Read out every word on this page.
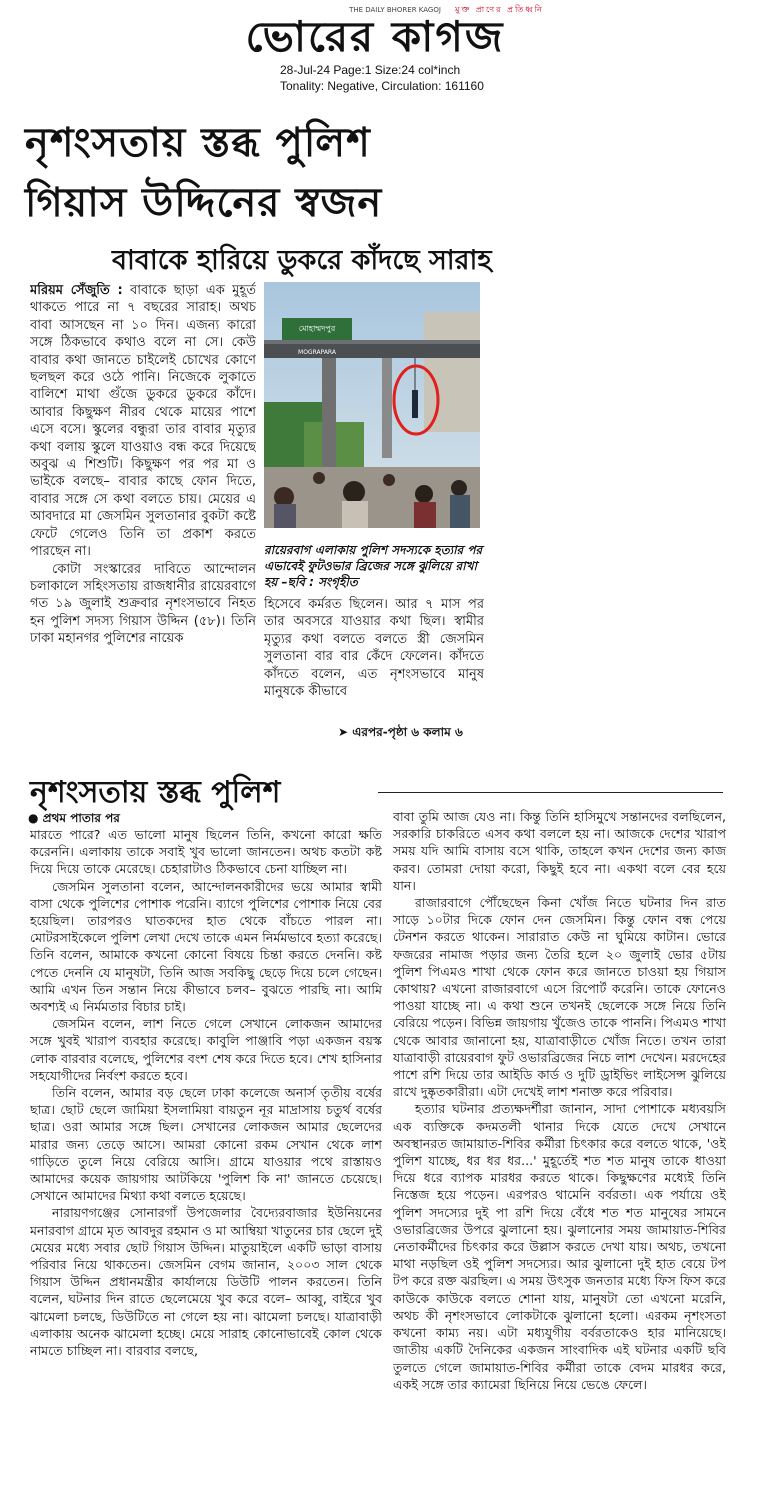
THE DAILY BHORER KAGOJ	মুক্ত প্রাণের প্রতিধ্বনি
ভোরের কাগজ
28-Jul-24 Page:1 Size:24 col*inch
Tonality: Negative, Circulation: 161160
নৃশংসতায় স্তব্ধ পুলিশ
গিয়াস উদ্দিনের স্বজন
বাবাকে হারিয়ে ডুকরে কাঁদছে সারাহ

মরিয়ম সেঁজুতি : বাবাকে ছাড়া এক মুহূর্ত থাকতে পারে না ৭ বছরের সারাহ। অথচ বাবা আসছেন না ১০ দিন। এজন্য কারো সঙ্গে ঠিকভাবে কথাও বলে না সে। কেউ বাবার কথা জানতে চাইলেই চোখের কোণে ছলছল করে ওঠে পানি। নিজেকে লুকাতে বালিশে মাথা গুঁজে ডুকরে ডুকরে কাঁদে। আবার কিছুক্ষণ নীরব থেকে মায়ের পাশে এসে বসে। স্কুলের বন্ধুরা তার বাবার মৃত্যুর কথা বলায় স্কুলে যাওয়াও বন্ধ করে দিয়েছে অবুঝ এ শিশুটি। কিছুক্ষণ পর পর মা ও ভাইকে বলছে– বাবার কাছে ফোন দিতে, বাবার সঙ্গে সে কথা বলতে চায়। মেয়ের এ আবদারে মা জেসমিন সুলতানার বুকটা কষ্টে ফেটে গেলেও তিনি তা প্রকাশ করতে পারছেন না।

কোটা সংস্কারের দাবিতে আন্দোলন চলাকালে সহিংসতায় রাজধানীর রায়েরবাগে গত ১৯ জুলাই শুক্রবার নৃশংসভাবে নিহত হন পুলিশ সদস্য গিয়াস উদ্দিন (৫৮)। তিনি ঢাকা মহানগর পুলিশের নায়েক

মোহাম্মদপুর
MOGRAPARA
রায়েরবাগ এলাকায় পুলিশ সদস্যকে হত্যার পর এভাবেই ফুটওভার ব্রিজের সঙ্গে ঝুলিয়ে রাখা হয় –ছবি : সংগৃহীত

হিসেবে কর্মরত ছিলেন। আর ৭ মাস পর তার অবসরে যাওয়ার কথা ছিল। স্বামীর মৃত্যুর কথা বলতে বলতে স্ত্রী জেসমিন সুলতানা বার বার কেঁদে ফেলেন। কাঁদতে কাঁদতে বলেন, এত নৃশংসভাবে মানুষ মানুষকে কীভাবে

➤ এরপর-পৃষ্ঠা ৬ কলাম ৬
নৃশংসতায় স্তব্ধ পুলিশ
● প্রথম পাতার পর

মারতে পারে? এত ভালো মানুষ ছিলেন তিনি, কখনো কারো ক্ষতি করেননি। এলাকায় তাকে সবাই খুব ভালো জানতেন। অথচ কতটা কষ্ট দিয়ে দিয়ে তাকে মেরেছে। চেহারাটাও ঠিকভাবে চেনা যাচ্ছিল না।

জেসমিন সুলতানা বলেন, আন্দোলনকারীদের ভয়ে আমার স্বামী বাসা থেকে পুলিশের পোশাক পরেনি। ব্যাগে পুলিশের পোশাক নিয়ে বের হয়েছিল। তারপরও ঘাতকদের হাত থেকে বাঁচতে পারল না। মোটরসাইকেলে পুলিশ লেখা দেখে তাকে এমন নির্মমভাবে হত্যা করেছে। তিনি বলেন, আমাকে কখনো কোনো বিষয়ে চিন্তা করতে দেননি। কষ্ট পেতে দেননি যে মানুষটা, তিনি আজ সবকিছু ছেড়ে দিয়ে চলে গেছেন। আমি এখন তিন সন্তান নিয়ে কীভাবে চলব– বুঝতে পারছি না। আমি অবশ্যই এ নির্মমতার বিচার চাই।

জেসমিন বলেন, লাশ নিতে গেলে সেখানে লোকজন আমাদের সঙ্গে খুবই খারাপ ব্যবহার করেছে। কাবুলি পাঞ্জাবি পড়া একজন বয়স্ক লোক বারবার বলেছে, পুলিশের বংশ শেষ করে দিতে হবে। শেখ হাসিনার সহযোগীদের নির্বংশ করতে হবে।

তিনি বলেন, আমার বড় ছেলে ঢাকা কলেজে অনার্স তৃতীয় বর্ষের ছাত্র। ছোট ছেলে জামিয়া ইসলামিয়া বায়তুন নূর মাদ্রাসায় চতুর্থ বর্ষের ছাত্র। ওরা আমার সঙ্গে ছিল। সেখানের লোকজন আমার ছেলেদের মারার জন্য তেড়ে আসে। আমরা কোনো রকম সেখান থেকে লাশ গাড়িতে তুলে নিয়ে বেরিয়ে আসি। গ্রামে যাওয়ার পথে রাস্তায়ও আমাদের কয়েক জায়গায় আটকিয়ে 'পুলিশ কি না' জানতে চেয়েছে। সেখানে আমাদের মিথ্যা কথা বলতে হয়েছে।

নারায়ণগঞ্জের সোনারগাঁ উপজেলার বৈদ্যেরবাজার ইউনিয়নের মনারবাগ গ্রামে মৃত আবদুর রহমান ও মা আম্বিয়া খাতুনের চার ছেলে দুই মেয়ের মধ্যে সবার ছোট গিয়াস উদ্দিন। মাতুয়াইলে একটি ভাড়া বাসায় পরিবার নিয়ে থাকতেন। জেসমিন বেগম জানান, ২০০৩ সাল থেকে গিয়াস উদ্দিন প্রধানমন্ত্রীর কার্যালয়ে ডিউটি পালন করতেন। তিনি বলেন, ঘটনার দিন রাতে ছেলেমেয়ে খুব করে বলে– আব্বু, বাইরে খুব ঝামেলা চলছে, ডিউটিতে না গেলে হয় না। ঝামেলা চলছে। যাত্রাবাড়ী এলাকায় অনেক ঝামেলা হচ্ছে। মেয়ে সারাহ কোনোভাবেই কোল থেকে নামতে চাচ্ছিল না। বারবার বলছে,

বাবা তুমি আজ যেও না। কিন্তু তিনি হাসিমুখে সন্তানদের বলছিলেন, সরকারি চাকরিতে এসব কথা বললে হয় না। আজকে দেশের খারাপ সময় যদি আমি বাসায় বসে থাকি, তাহলে কখন দেশের জন্য কাজ করব। তোমরা দোয়া করো, কিছুই হবে না। একথা বলে বের হয়ে যান।

রাজারবাগে পৌঁছেছেন কিনা খোঁজ নিতে ঘটনার দিন রাত সাড়ে ১০টার দিকে ফোন দেন জেসমিন। কিন্তু ফোন বন্ধ পেয়ে টেনশন করতে থাকেন। সারারাত কেউ না ঘুমিয়ে কাটান। ভোরে ফজরের নামাজ পড়ার জন্য তৈরি হলে ২০ জুলাই ভোর ৫টায় পুলিশ পিএমও শাখা থেকে ফোন করে জানতে চাওয়া হয় গিয়াস কোথায়? এখনো রাজারবাগে এসে রিপোর্ট করেনি। তাকে ফোনেও পাওয়া যাচ্ছে না। এ কথা শুনে তখনই ছেলেকে সঙ্গে নিয়ে তিনি বেরিয়ে পড়েন। বিভিন্ন জায়গায় খুঁজেও তাকে পাননি। পিএমও শাখা থেকে আবার জানানো হয়, যাত্রাবাড়ীতে খোঁজ নিতে। তখন তারা যাত্রাবাড়ী রায়েরবাগ ফুট ওভারব্রিজের নিচে লাশ দেখেন। মরদেহের পাশে রশি দিয়ে তার আইডি কার্ড ও দুটি ড্রাইভিং লাইসেন্স ঝুলিয়ে রাখে দুষ্কৃতকারীরা। এটা দেখেই লাশ শনাক্ত করে পরিবার।

হত্যার ঘটনার প্রত্যক্ষদর্শীরা জানান, সাদা পোশাকে মধ্যবয়সি এক ব্যক্তিকে কদমতলী থানার দিকে যেতে দেখে সেখানে অবস্থানরত জামায়াত-শিবির কর্মীরা চিৎকার করে বলতে থাকে, 'ওই পুলিশ যাচ্ছে, ধর ধর ধর...' মুহূর্তেই শত শত মানুষ তাকে ধাওয়া দিয়ে ধরে ব্যাপক মারধর করতে থাকে। কিছুক্ষণের মধ্যেই তিনি নিস্তেজ হয়ে পড়েন। এরপরও থামেনি বর্বরতা। এক পর্যায়ে ওই পুলিশ সদস্যের দুই পা রশি দিয়ে বেঁধে শত শত মানুষের সামনে ওভারব্রিজের উপরে ঝুলানো হয়। ঝুলানোর সময় জামায়াত-শিবির নেতাকর্মীদের চিৎকার করে উল্লাস করতে দেখা যায়। অথচ, তখনো মাথা নড়ছিল ওই পুলিশ সদস্যের। আর ঝুলানো দুই হাত বেয়ে টপ টপ করে রক্ত ঝরছিল। এ সময় উৎসুক জনতার মধ্যে ফিস ফিস করে কাউকে কাউকে বলতে শোনা যায়, মানুষটা তো এখনো মরেনি, অথচ কী নৃশংসভাবে লোকটাকে ঝুলানো হলো। এরকম নৃশংসতা কখনো কাম্য নয়। এটা মধ্যযুগীয় বর্বরতাকেও হার মানিয়েছে। জাতীয় একটি দৈনিকের একজন সাংবাদিক এই ঘটনার একটি ছবি তুলতে গেলে জামায়াত-শিবির কর্মীরা তাকে বেদম মারধর করে, একই সঙ্গে তার ক্যামেরা ছিনিয়ে নিয়ে ভেঙে ফেলে।
